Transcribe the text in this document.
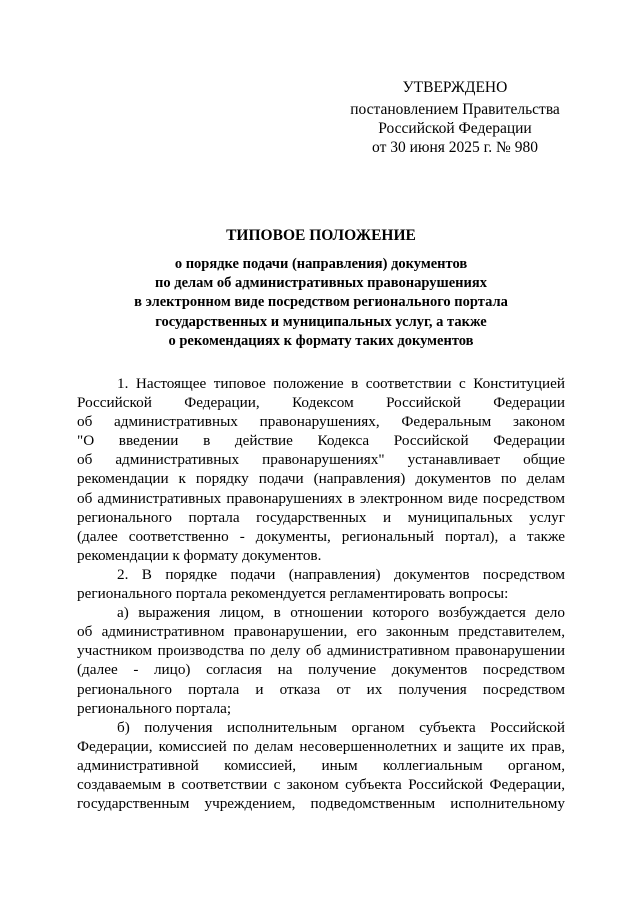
УТВЕРЖДЕНО
постановлением Правительства
Российской Федерации
от 30 июня 2025 г. № 980
ТИПОВОЕ ПОЛОЖЕНИЕ
о порядке подачи (направления) документов
по делам об административных правонарушениях
в электронном виде посредством регионального портала
государственных и муниципальных услуг, а также
о рекомендациях к формату таких документов
1. Настоящее типовое положение в соответствии с Конституцией
Российской Федерации, Кодексом Российской Федерации
об административных правонарушениях, Федеральным законом
"О введении в действие Кодекса Российской Федерации
об административных правонарушениях" устанавливает общие
рекомендации к порядку подачи (направления) документов по делам
об административных правонарушениях в электронном виде посредством
регионального портала государственных и муниципальных услуг
(далее соответственно - документы, региональный портал), а также
рекомендации к формату документов.
2. В порядке подачи (направления) документов посредством
регионального портала рекомендуется регламентировать вопросы:
а) выражения лицом, в отношении которого возбуждается дело
об административном правонарушении, его законным представителем,
участником производства по делу об административном правонарушении
(далее - лицо) согласия на получение документов посредством
регионального портала и отказа от их получения посредством
регионального портала;
б) получения исполнительным органом субъекта Российской
Федерации, комиссией по делам несовершеннолетних и защите их прав,
административной комиссией, иным коллегиальным органом,
создаваемым в соответствии с законом субъекта Российской Федерации,
государственным учреждением, подведомственным исполнительному
